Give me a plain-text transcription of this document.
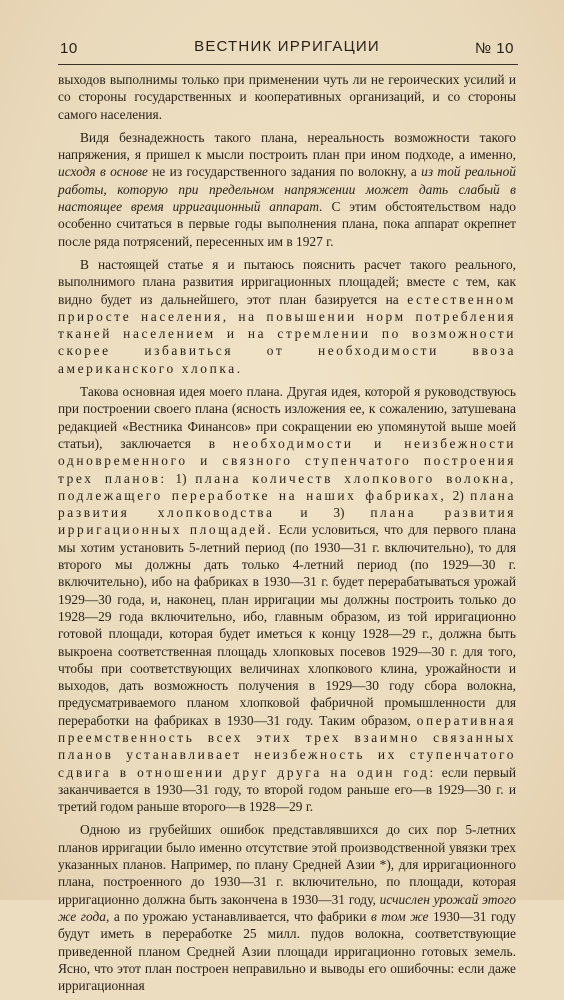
10	ВЕСТНИК ИРРИГАЦИИ	№ 10

выходов выполнимы только при применении чуть ли не героических усилий и со стороны государственных и кооперативных организаций, и со стороны самого населения.

Видя безнадежность такого плана, нереальность возможности такого напряжения, я пришел к мысли построить план при ином подходе, а именно, исходя в основе не из государственного задания по волокну, а из той реальной работы, которую при предельном напряжении может дать слабый в настоящее время ирригационный аппарат. С этим обстоятельством надо особенно считаться в первые годы выполнения плана, пока аппарат окрепнет после ряда потрясений, пересенных им в 1927 г.

В настоящей статье я и пытаюсь пояснить расчет такого реального, выполнимого плана развития ирригационных площадей; вместе с тем, как видно будет из дальнейшего, этот план базируется на естественном приросте населения, на повышении норм потребления тканей населением и на стремлении по возможности скорее избавиться от необходимости ввоза американского хлопка.

Такова основная идея моего плана. Другая идея, которой я руководствуюсь при построении своего плана (ясность изложения ее, к сожалению, затушевана редакцией «Вестника Финансов» при сокращении ею упомянутой выше моей статьи), заключается в необходимости и неизбежности одновременного и связного ступенчатого построения трех планов: 1) плана количеств хлопкового волокна, подлежащего переработке на наших фабриках, 2) плана развития хлопководства и 3) плана развития ирригационных площадей. Если условиться, что для первого плана мы хотим установить 5-летний период (по 1930—31 г. включительно), то для второго мы должны дать только 4-летний период (по 1929—30 г. включительно), ибо на фабриках в 1930—31 г. будет перерабатываться урожай 1929—30 года, и, наконец, план ирригации мы должны построить только до 1928—29 года включительно, ибо, главным образом, из той ирригационно готовой площади, которая будет иметься к концу 1928—29 г., должна быть выкроена соответственная площадь хлопковых посевов 1929—30 г. для того, чтобы при соответствующих величинах хлопкового клина, урожайности и выходов, дать возможность получения в 1929—30 году сбора волокна, предусматриваемого планом хлопковой фабричной промышленности для переработки на фабриках в 1930—31 году. Таким образом, оперативная преемственность всех этих трех взаимно связанных планов устанавливает неизбежность их ступенчатого сдвига в отношении друг друга на один год: если первый заканчивается в 1930—31 году, то второй годом раньше его—в 1929—30 г. и третий годом раньше второго—в 1928—29 г.

Одною из грубейших ошибок представлявшихся до сих пор 5-летних планов ирригации было именно отсутствие этой производственной увязки трех указанных планов. Например, по плану Средней Азии *), для ирригационного плана, построенного до 1930—31 г. включительно, по площади, которая ирригационно должна быть закончена в 1930—31 году, исчислен урожай этого же года, а по урожаю устанавливается, что фабрики в том же 1930—31 году будут иметь в переработке 25 милл. пудов волокна, соответствующие приведенной планом Средней Азии площади ирригационно готовых земель. Ясно, что этот план построен неправильно и выводы его ошибочны: если даже ирригационная
